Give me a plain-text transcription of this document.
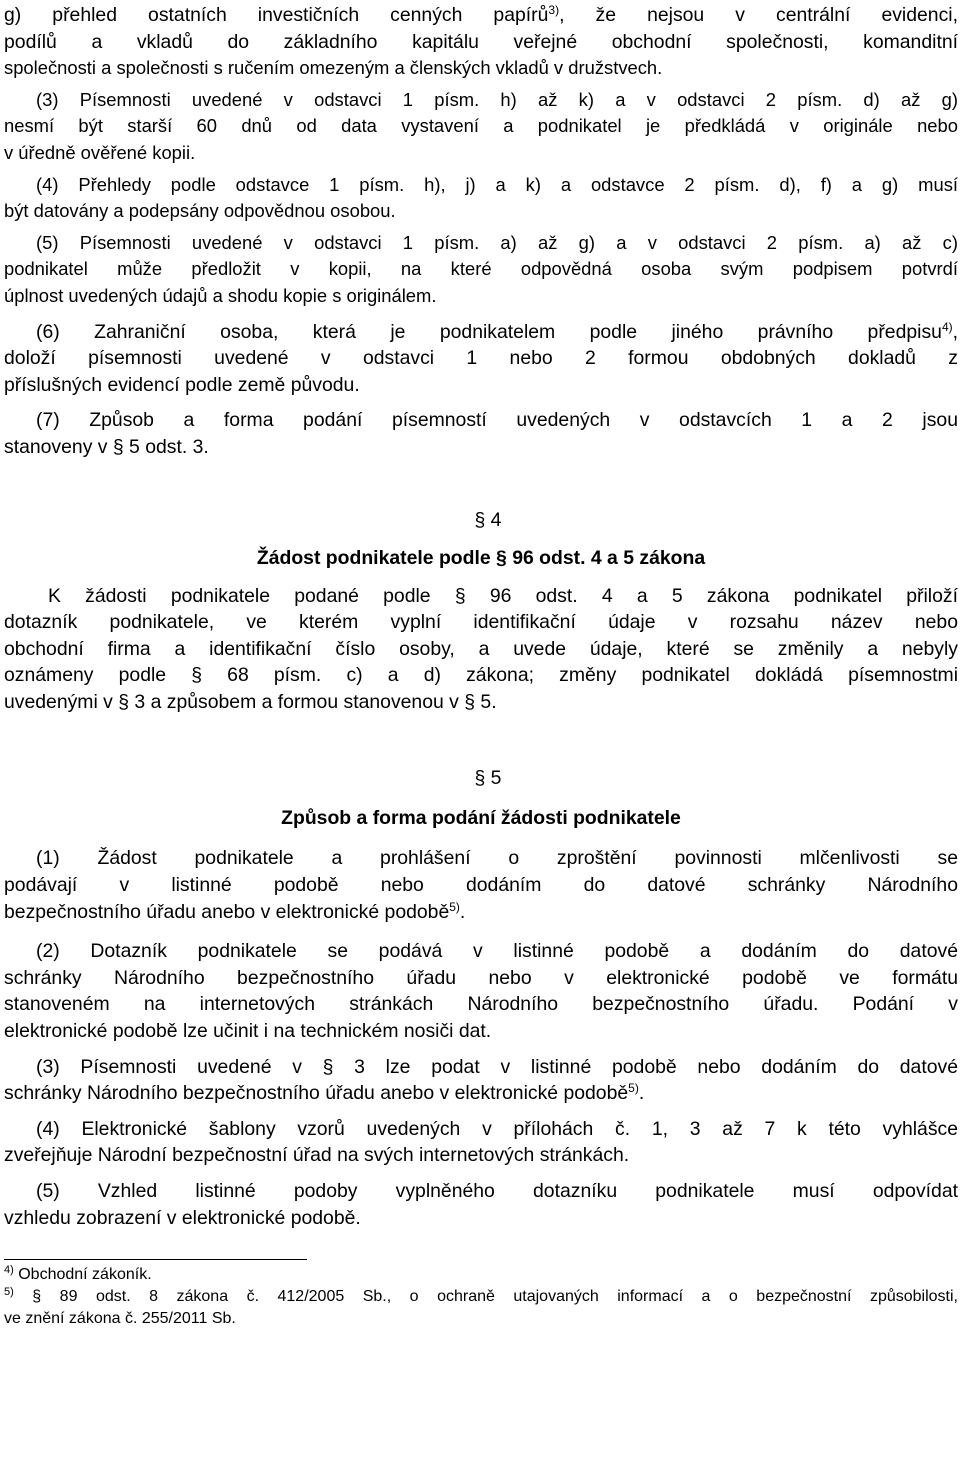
g) přehled ostatních investičních cenných papírů$^{3)}$, že nejsou v centrální evidenci,

podílů a vkladů do základního kapitálu veřejné obchodní společnosti, komanditní

společnosti a společnosti s ručením omezeným a členských vkladů v družstvech.

(3) Písemnosti uvedené v odstavci 1 písm. h) až k) a v odstavci 2 písm. d) až g)

nesmí být starší 60 dnů od data vystavení a podnikatel je předkládá v originále nebo

v úředně ověřené kopii.

(4) Přehledy podle odstavce 1 písm. h), j) a k) a odstavce 2 písm. d), f) a g) musí

být datovány a podepsány odpovědnou osobou.

(5) Písemnosti uvedené v odstavci 1 písm. a) až g) a v odstavci 2 písm. a) až c)

podnikatel může předložit v kopii, na které odpovědná osoba svým podpisem potvrdí

úplnost uvedených údajů a shodu kopie s originálem.

(6) Zahraniční osoba, která je podnikatelem podle jiného právního předpisu$^{4)}$,

doloží písemnosti uvedené v odstavci 1 nebo 2 formou obdobných dokladů z

příslušných evidencí podle země původu.

(7) Způsob a forma podání písemností uvedených v odstavcích 1 a 2 jsou

stanoveny v § 5 odst. 3.

§ 4
Žádost podnikatele podle § 96 odst. 4 a 5 zákona

K žádosti podnikatele podané podle § 96 odst. 4 a 5 zákona podnikatel přiloží

dotazník podnikatele, ve kterém vyplní identifikační údaje v rozsahu název nebo

obchodní firma a identifikační číslo osoby, a uvede údaje, které se změnily a nebyly

oznámeny podle § 68 písm. c) a d) zákona; změny podnikatel dokládá písemnostmi

uvedenými v § 3 a způsobem a formou stanovenou v § 5.

§ 5
Způsob a forma podání žádosti podnikatele

(1) Žádost podnikatele a prohlášení o zproštění povinnosti mlčenlivosti se

podávají v listinné podobě nebo dodáním do datové schránky Národního

bezpečnostního úřadu anebo v elektronické podobě$^{5)}$.

(2) Dotazník podnikatele se podává v listinné podobě a dodáním do datové

schránky Národního bezpečnostního úřadu nebo v elektronické podobě ve formátu

stanoveném na internetových stránkách Národního bezpečnostního úřadu. Podání v

elektronické podobě lze učinit i na technickém nosiči dat.

(3) Písemnosti uvedené v § 3 lze podat v listinné podobě nebo dodáním do datové

schránky Národního bezpečnostního úřadu anebo v elektronické podobě$^{5)}$.

(4) Elektronické šablony vzorů uvedených v přílohách č. 1, 3 až 7 k této vyhlášce

zveřejňuje Národní bezpečnostní úřad na svých internetových stránkách.

(5) Vzhled listinné podoby vyplněného dotazníku podnikatele musí odpovídat

vzhledu zobrazení v elektronické podobě.

$^{4)}$ Obchodní zákoník.

$^{5)}$ § 89 odst. 8 zákona č. 412/2005 Sb., o ochraně utajovaných informací a o bezpečnostní způsobilosti,

ve znění zákona č. 255/2011 Sb.
